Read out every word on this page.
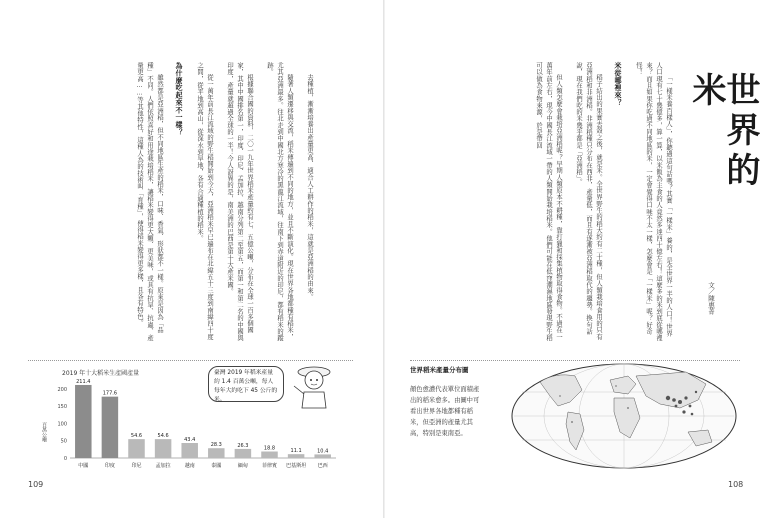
世界的米
文／陳惠菁

「一樣米養百樣人」，你聽過這句話嗎？其實「一樣米」養的，是全世界一半的人口！世界人口現有七十幾億多，算一算，以米飯為主食的人竟然多達四十億左右！這麼多的米到底從哪裡來？而且如果你吃過不同地區的米，一定會覺得口味不太一樣，怎麼會是「一樣米」呢？好奇怪！

米從哪裡來？

稻子結出的果實去殼之後，就是米。全世界野生的稻大約有二十種，但人類栽培食用的只有亞洲稻和非洲稻。非洲稻種只分布在西非，產量低，而且有逐漸被亞洲稻取代的趨勢。換句話說，現在我們吃的米幾乎都是「亞洲稻」。

但人類怎麼會栽培亞洲稻呢？早期人類原本不耕種，靠打獵和採集植物取得食物。不過在一萬年前左右，現今中國長江流域一帶的人類開始栽培稻米。他們可能在低窪潮濕地區發現野生稻可以做為食物來源，於是帶回

世界稻米產量分布圖
顏色愈濃代表單位面積產出的稻米愈多。由圖中可看出世界各地都種有稻米，但亞洲的產量尤其高，特別是東南亞。
108

去種植，漸漸培養出產量更高、適合人工耕作的稻米，這就是亞洲稻的由來。

隨著人類遷移與交流，稻米傳遍到不同的地方，並且不斷演化。現在世界各地都種有稻米，尤其亞洲最多。往北走到中國北方寒冷的黑龍江流域，往南下到赤道附近的印尼，都有稻米的蹤跡。

根據聯合國的資料，二〇一九年世界稻米產量約有七．五億公噸，分布在全球一百多個國家，其中中國排名第一，印度、印尼、孟加拉、越南分列第二至第五，而第一和第二名的中國與印度，產量就超過全球的一半！今人訝異的是，南美洲的巴西是第十大產米國。

從一萬年前長江流域的野生稻開始到今天，亞洲稻米早已遍布在北緯五十三度到南緯四十度之間，從平地到高山，從深水到旱地，各有合適種植的稻米。

為什麼吃起來不一樣？

雖然都是亞洲稻，但不同地區生產的稻米，口味、香氣、形狀都不一樣。原來是因為「品種」不同。人們依照喜好和用途栽培稻米，讓稻米變得更大顆、更美味，或具有抗旱、抗蟲、產量更高……等其他特性，這種人為的技術叫「育種」，使得稻米變得更多樣，且各有特色。

2019 年十大稻米生產國產量
百萬公噸
200
150
100
50
0
211.4
中國
177.6
印度
54.6
印尼
54.6
孟加拉
43.4
越南
28.3
泰國
26.3
緬甸
18.8
菲律賓
11.1
巴基斯坦
10.4
巴西
臺灣 2019 年稻米產量約 1.4 百萬公噸，每人每年大約吃下 45 公斤的米。
109
